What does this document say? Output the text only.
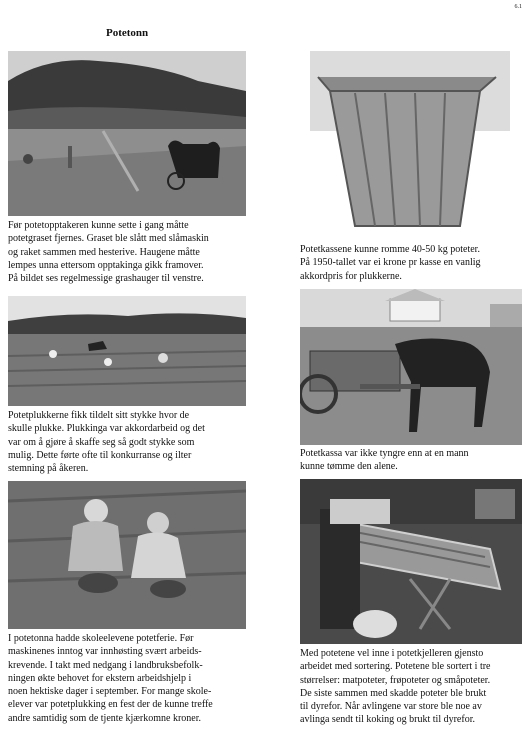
6.1
Potetonn
Før potetopptakeren kunne sette i gang måtte
potetgraset fjernes. Graset ble slått med slåmaskin
og raket sammen med hesterive. Haugene måtte
lempes unna ettersom opptakinga gikk framover.
På bildet ses regelmessige grashauger til venstre.
Potetplukkerne fikk tildelt sitt stykke hvor de
skulle plukke. Plukkinga var akkordarbeid og det
var om å gjøre å skaffe seg så godt stykke som
mulig. Dette førte ofte til konkurranse og ilter
stemning på åkeren.
I potetonna hadde skoleelevene potetferie. Før
maskinenes inntog var innhøsting svært arbeids-
krevende. I takt med nedgang i landbruksbefolk-
ningen økte behovet for ekstern arbeidshjelp i
noen hektiske dager i september. For mange skole-
elever var potetplukking en fest der de kunne treffe
andre samtidig som de tjente kjærkomne kroner.
Potetkassene kunne romme 40-50 kg poteter.
På 1950-tallet var ei krone pr kasse en vanlig
akkordpris for plukkerne.
Potetkassa var ikke tyngre enn at en mann
kunne tømme den alene.
Med potetene vel inne i potetkjelleren gjensto
arbeidet med sortering. Potetene ble sortert i tre
størrelser: matpoteter, frøpoteter og småpoteter.
De siste sammen med skadde poteter ble brukt
til dyrefor. Når avlingene var store ble noe av
avlinga sendt til koking og brukt til dyrefor.
